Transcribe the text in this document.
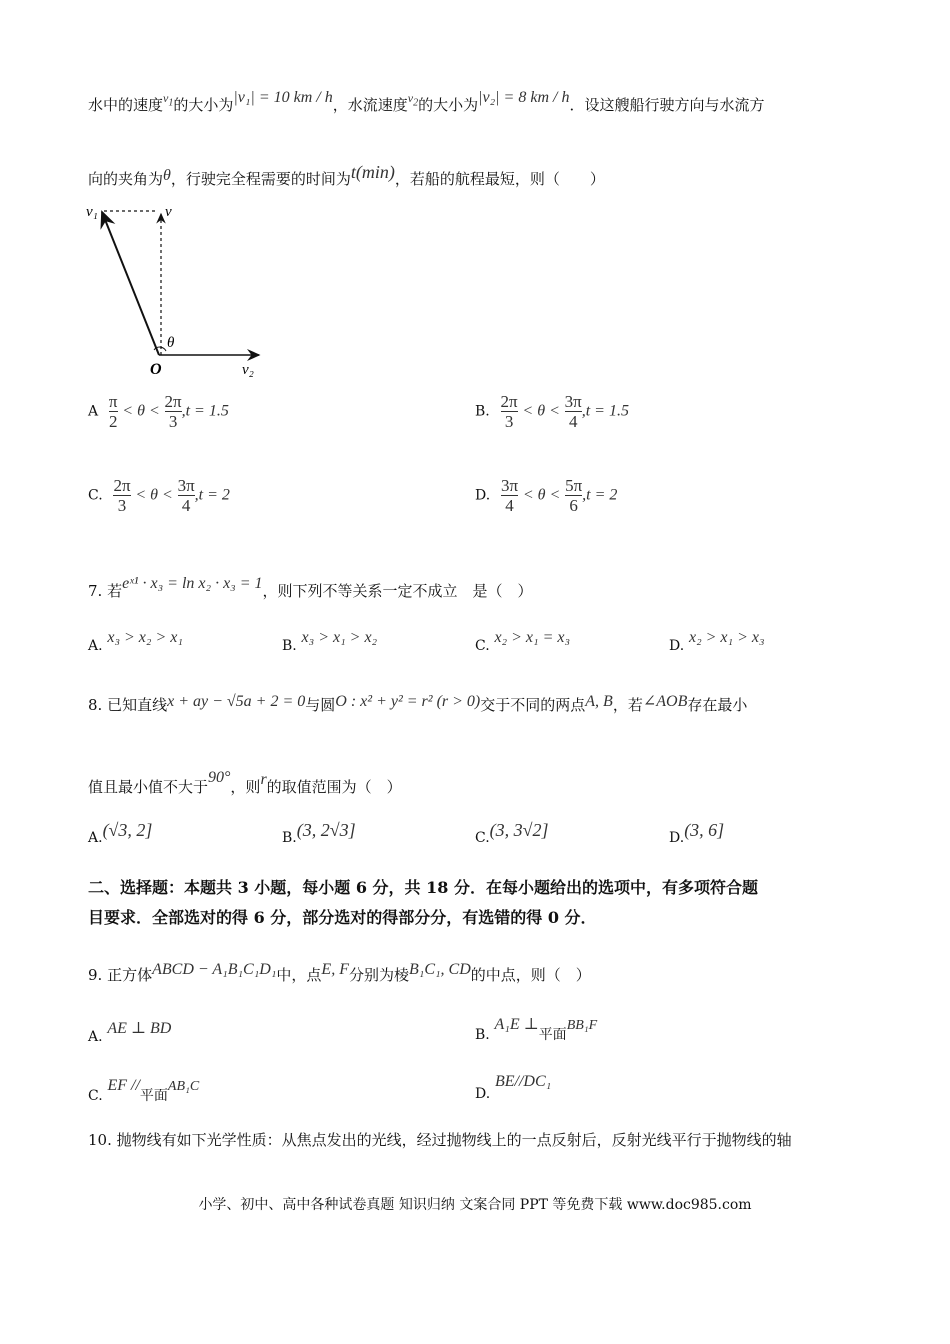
水中的速度$^{v_1}$的大小为|v₁| = 10 km / h，水流速度$^{v_2}$的大小为|v₂| = 8 km / h．设这艘船行驶方向与水流方
向的夹角为θ，行驶完全程需要的时间为t(min)，若船的航程最短，则（　　）
v₁	v
θ
O	v₂
A $\frac{\pi}{2} < \theta < \frac{2\pi}{3} ,t = 1.5$	B. $\frac{2\pi}{3} < \theta < \frac{3\pi}{4} ,t = 1.5$
C. $\frac{2\pi}{3} < \theta < \frac{3\pi}{4} ,t = 2$	D. $\frac{3\pi}{4} < \theta < \frac{5\pi}{6} ,t = 2$
7. 若eˣ¹ · x₃ = ln x₂ · x₃ = 1，则下列不等关系一定不成立　是（　）
A. x₃ > x₂ > x₁	B. x₃ > x₁ > x₂	C. x₂ > x₁ = x₃	D. x₂ > x₁ > x₃
8. 已知直线x + ay − √5a + 2 = 0与圆O : x² + y² = r² (r > 0)交于不同的两点A, B，若∠AOB存在最小
值且最小值不大于90°，则r的取值范围为（　）
A.(√3, 2]	B.(3, 2√3]	C.(3, 3√2]	D.(3, 6]
二、选择题：本题共 3 小题，每小题 6 分，共 18 分．在每小题给出的选项中，有多项符合题
目要求．全部选对的得 6 分，部分选对的得部分分，有选错的得 0 分．
9. 正方体ABCD − A₁B₁C₁D₁中，点E, F分别为棱B₁C₁, CD的中点，则（　）
A. AE ⊥ BD	B. A₁E ⊥平面BB₁F
C. EF //平面AB₁C	D. BE//DC₁
10. 抛物线有如下光学性质：从焦点发出的光线，经过抛物线上的一点反射后，反射光线平行于抛物线的轴
小学、初中、高中各种试卷真题 知识归纳 文案合同 PPT 等免费下载 www.doc985.com
